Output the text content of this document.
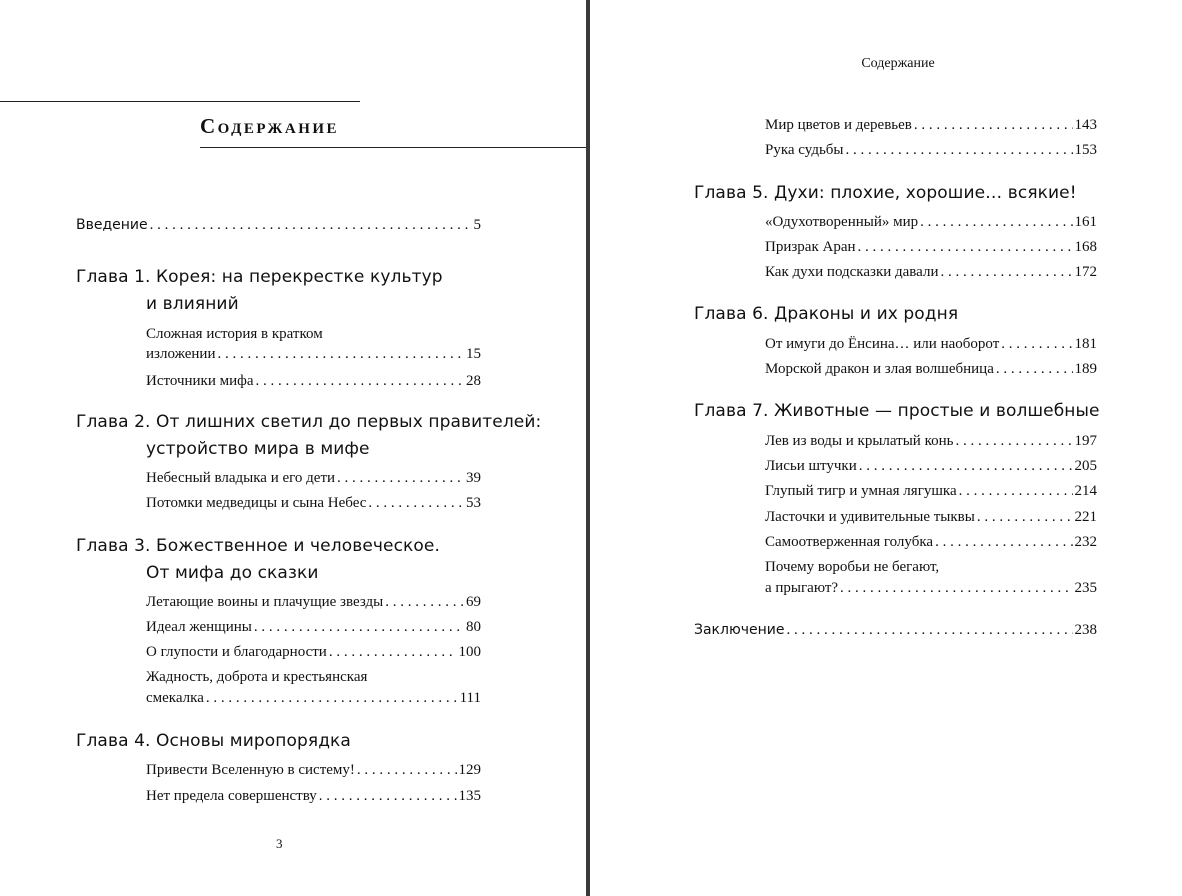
Содержание
Введение . . .	5
Глава 1. Корея: на перекрестке культур
и влияний
Сложная история в кратком
изложении . . .	15
Источники мифа . . .	28
Глава 2. От лишних светил до первых правителей:
устройство мира в мифе
Небесный владыка и его дети . . .	39
Потомки медведицы и сына Небес . . .	53
Глава 3. Божественное и человеческое.
От мифа до сказки
Летающие воины и плачущие звезды . . .	69
Идеал женщины . . .	80
О глупости и благодарности . . .	100
Жадность, доброта и крестьянская
смекалка . . .	111
Глава 4. Основы миропорядка
Привести Вселенную в систему! . . .	129
Нет предела совершенству . . .	135
3
Содержание
Мир цветов и деревьев . . .	143
Рука судьбы . . .	153
Глава 5. Духи: плохие, хорошие… всякие!
«Одухотворенный» мир . . .	161
Призрак Аран . . .	168
Как духи подсказки давали . . .	172
Глава 6. Драконы и их родня
От имуги до Ёнсина… или наоборот . . .	181
Морской дракон и злая волшебница . . .	189
Глава 7. Животные — простые и волшебные
Лев из воды и крылатый конь . . .	197
Лисьи штучки . . .	205
Глупый тигр и умная лягушка . . .	214
Ласточки и удивительные тыквы . . .	221
Самоотверженная голубка . . .	232
Почему воробьи не бегают,
а прыгают? . . .	235
Заключение . . .	238
